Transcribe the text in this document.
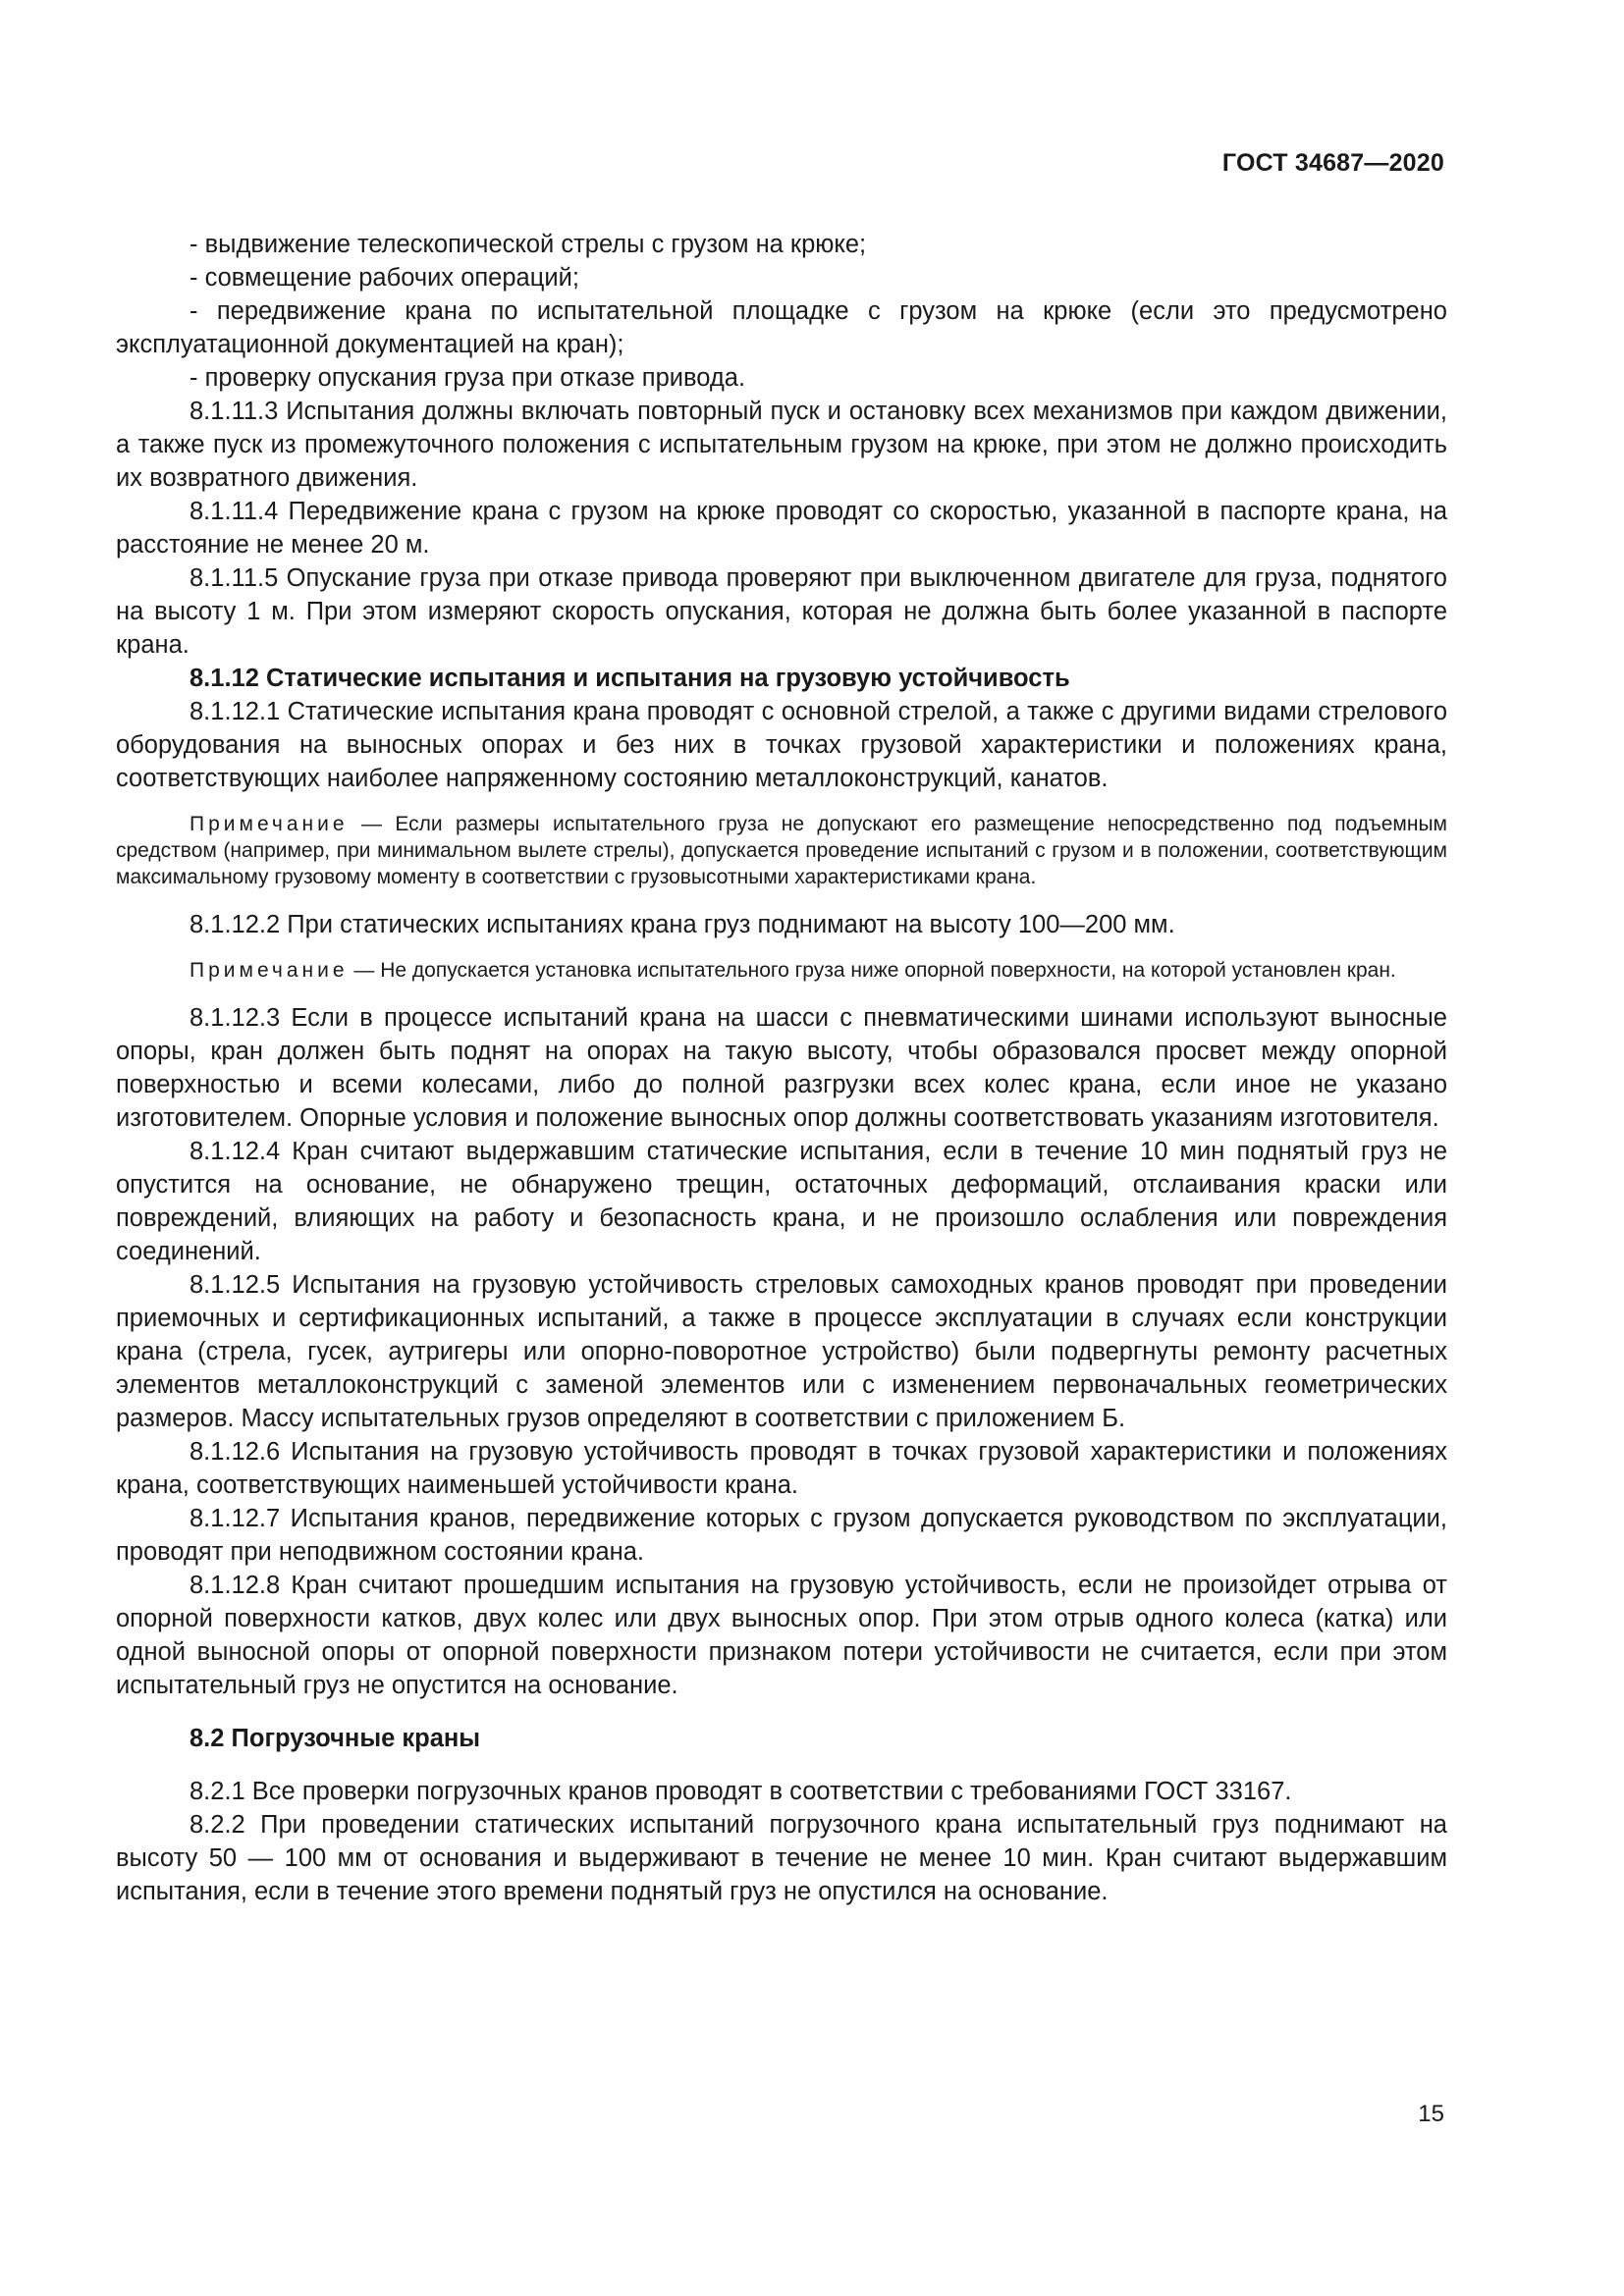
ГОСТ 34687—2020

- выдвижение телескопической стрелы с грузом на крюке;

- совмещение рабочих операций;

- передвижение крана по испытательной площадке с грузом на крюке (если это предусмотрено эксплуатационной документацией на кран);

- проверку опускания груза при отказе привода.

8.1.11.3 Испытания должны включать повторный пуск и остановку всех механизмов при каждом движении, а также пуск из промежуточного положения с испытательным грузом на крюке, при этом не должно происходить их возвратного движения.

8.1.11.4 Передвижение крана с грузом на крюке проводят со скоростью, указанной в паспорте крана, на расстояние не менее 20 м.

8.1.11.5 Опускание груза при отказе привода проверяют при выключенном двигателе для груза, поднятого на высоту 1 м. При этом измеряют скорость опускания, которая не должна быть более указанной в паспорте крана.

8.1.12 Статические испытания и испытания на грузовую устойчивость

8.1.12.1 Статические испытания крана проводят с основной стрелой, а также с другими видами стрелового оборудования на выносных опорах и без них в точках грузовой характеристики и положениях крана, соответствующих наиболее напряженному состоянию металлоконструкций, канатов.

Примечание — Если размеры испытательного груза не допускают его размещение непосредственно под подъемным средством (например, при минимальном вылете стрелы), допускается проведение испытаний с грузом и в положении, соответствующим максимальному грузовому моменту в соответствии с грузовысотными характеристиками крана.

8.1.12.2 При статических испытаниях крана груз поднимают на высоту 100—200 мм.

Примечание — Не допускается установка испытательного груза ниже опорной поверхности, на которой установлен кран.

8.1.12.3 Если в процессе испытаний крана на шасси с пневматическими шинами используют выносные опоры, кран должен быть поднят на опорах на такую высоту, чтобы образовался просвет между опорной поверхностью и всеми колесами, либо до полной разгрузки всех колес крана, если иное не указано изготовителем. Опорные условия и положение выносных опор должны соответствовать указаниям изготовителя.

8.1.12.4 Кран считают выдержавшим статические испытания, если в течение 10 мин поднятый груз не опустится на основание, не обнаружено трещин, остаточных деформаций, отслаивания краски или повреждений, влияющих на работу и безопасность крана, и не произошло ослабления или повреждения соединений.

8.1.12.5 Испытания на грузовую устойчивость стреловых самоходных кранов проводят при проведении приемочных и сертификационных испытаний, а также в процессе эксплуатации в случаях если конструкции крана (стрела, гусек, аутригеры или опорно-поворотное устройство) были подвергнуты ремонту расчетных элементов металлоконструкций с заменой элементов или с изменением первоначальных геометрических размеров. Массу испытательных грузов определяют в соответствии с приложением Б.

8.1.12.6 Испытания на грузовую устойчивость проводят в точках грузовой характеристики и положениях крана, соответствующих наименьшей устойчивости крана.

8.1.12.7 Испытания кранов, передвижение которых с грузом допускается руководством по эксплуатации, проводят при неподвижном состоянии крана.

8.1.12.8 Кран считают прошедшим испытания на грузовую устойчивость, если не произойдет отрыва от опорной поверхности катков, двух колес или двух выносных опор. При этом отрыв одного колеса (катка) или одной выносной опоры от опорной поверхности признаком потери устойчивости не считается, если при этом испытательный груз не опустится на основание.

8.2 Погрузочные краны

8.2.1 Все проверки погрузочных кранов проводят в соответствии с требованиями ГОСТ 33167.

8.2.2 При проведении статических испытаний погрузочного крана испытательный груз поднимают на высоту 50 — 100 мм от основания и выдерживают в течение не менее 10 мин. Кран считают выдержавшим испытания, если в течение этого времени поднятый груз не опустился на основание.

15
